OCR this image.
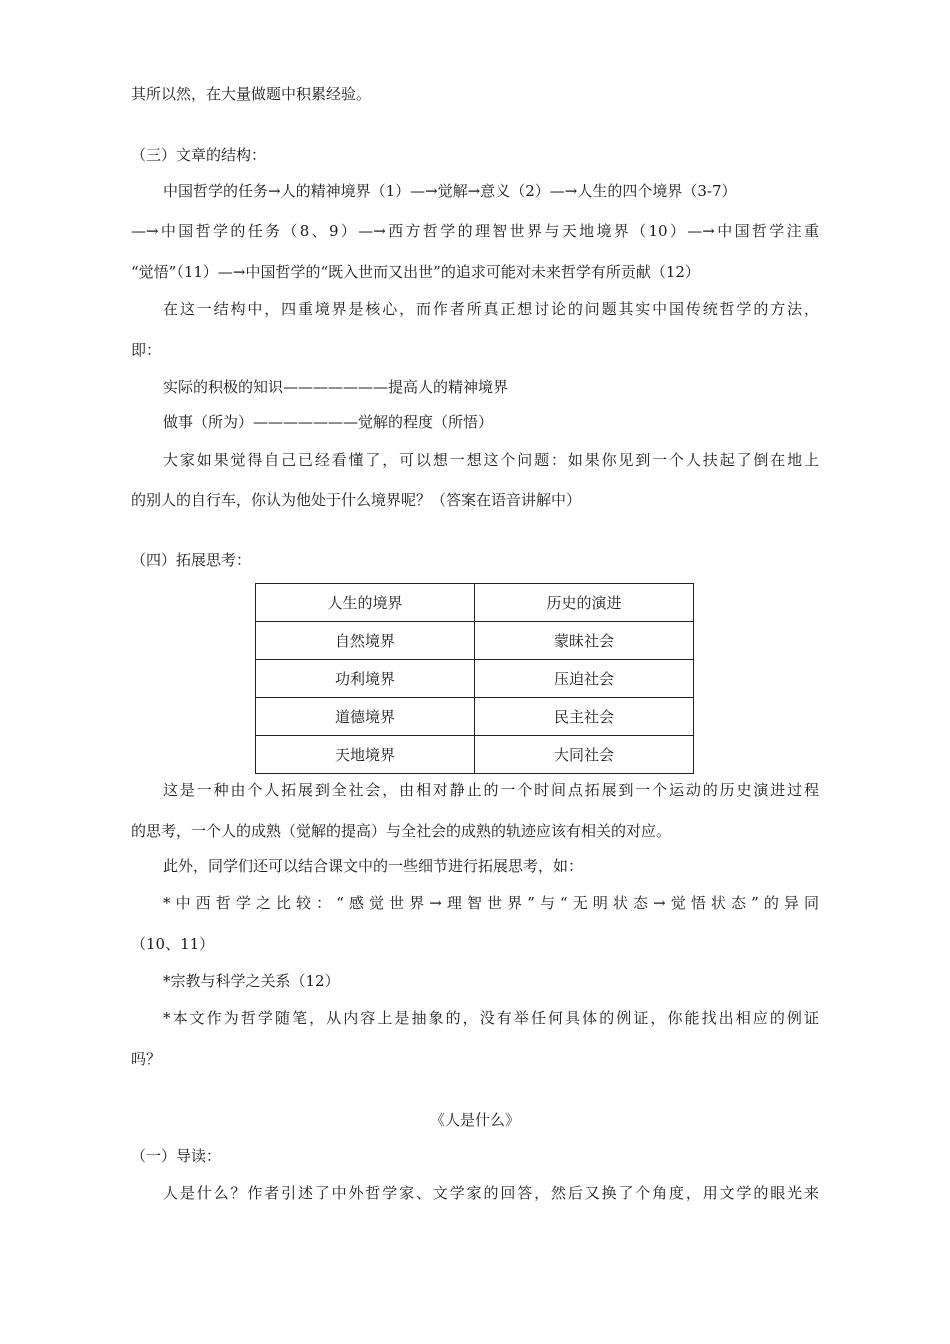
其所以然，在大量做题中积累经验。
（三）文章的结构：
中国哲学的任务→人的精神境界（1）—→觉解→意义（2）—→人生的四个境界（3-7）
—→中国哲学的任务（8、9）—→西方哲学的理智世界与天地境界（10）—→中国哲学注重
“觉悟”（11）—→中国哲学的“既入世而又出世”的追求可能对未来哲学有所贡献（12）
在这一结构中，四重境界是核心，而作者所真正想讨论的问题其实中国传统哲学的方法，
即：
实际的积极的知识———————提高人的精神境界
做事（所为）———————觉解的程度（所悟）
大家如果觉得自己已经看懂了，可以想一想这个问题：如果你见到一个人扶起了倒在地上
的别人的自行车，你认为他处于什么境界呢？（答案在语音讲解中）
（四）拓展思考：
人生的境界	历史的演进
自然境界	蒙昧社会
功利境界	压迫社会
道德境界	民主社会
天地境界	大同社会
这是一种由个人拓展到全社会，由相对静止的一个时间点拓展到一个运动的历史演进过程
的思考，一个人的成熟（觉解的提高）与全社会的成熟的轨迹应该有相关的对应。
此外，同学们还可以结合课文中的一些细节进行拓展思考，如：
*中西哲学之比较：“感觉世界→理智世界”与“无明状态→觉悟状态”的异同
（10、11）
*宗教与科学之关系（12）
*本文作为哲学随笔，从内容上是抽象的，没有举任何具体的例证，你能找出相应的例证
吗？
《人是什么》
（一）导读：
人是什么？作者引述了中外哲学家、文学家的回答，然后又换了个角度，用文学的眼光来
